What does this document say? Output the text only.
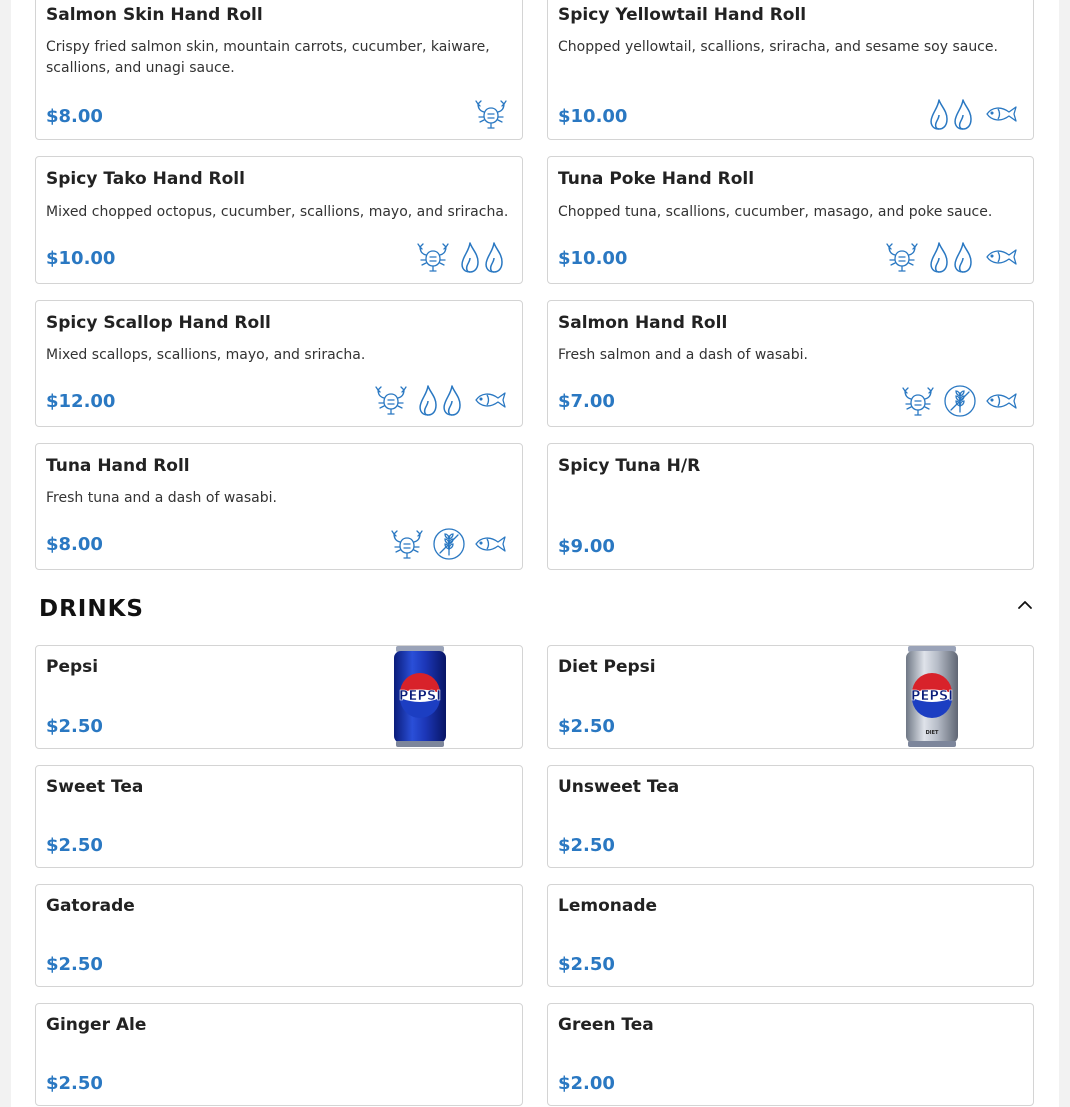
Salmon Skin Hand Roll
Crispy fried salmon skin, mountain carrots, cucumber, kaiware, scallions, and unagi sauce.
$8.00
Spicy Yellowtail Hand Roll
Chopped yellowtail, scallions, sriracha, and sesame soy sauce.
$10.00
Spicy Tako Hand Roll
Mixed chopped octopus, cucumber, scallions, mayo, and sriracha.
$10.00
Tuna Poke Hand Roll
Chopped tuna, scallions, cucumber, masago, and poke sauce.
$10.00
Spicy Scallop Hand Roll
Mixed scallops, scallions, mayo, and sriracha.
$12.00
Salmon Hand Roll
Fresh salmon and a dash of wasabi.
$7.00
Tuna Hand Roll
Fresh tuna and a dash of wasabi.
$8.00
Spicy Tuna H/R
$9.00
DRINKS
Pepsi
$2.50
PEPSI
Diet Pepsi
$2.50
PEPSI
DIET
Sweet Tea
$2.50
Unsweet Tea
$2.50
Gatorade
$2.50
Lemonade
$2.50
Ginger Ale
$2.50
Green Tea
$2.00
